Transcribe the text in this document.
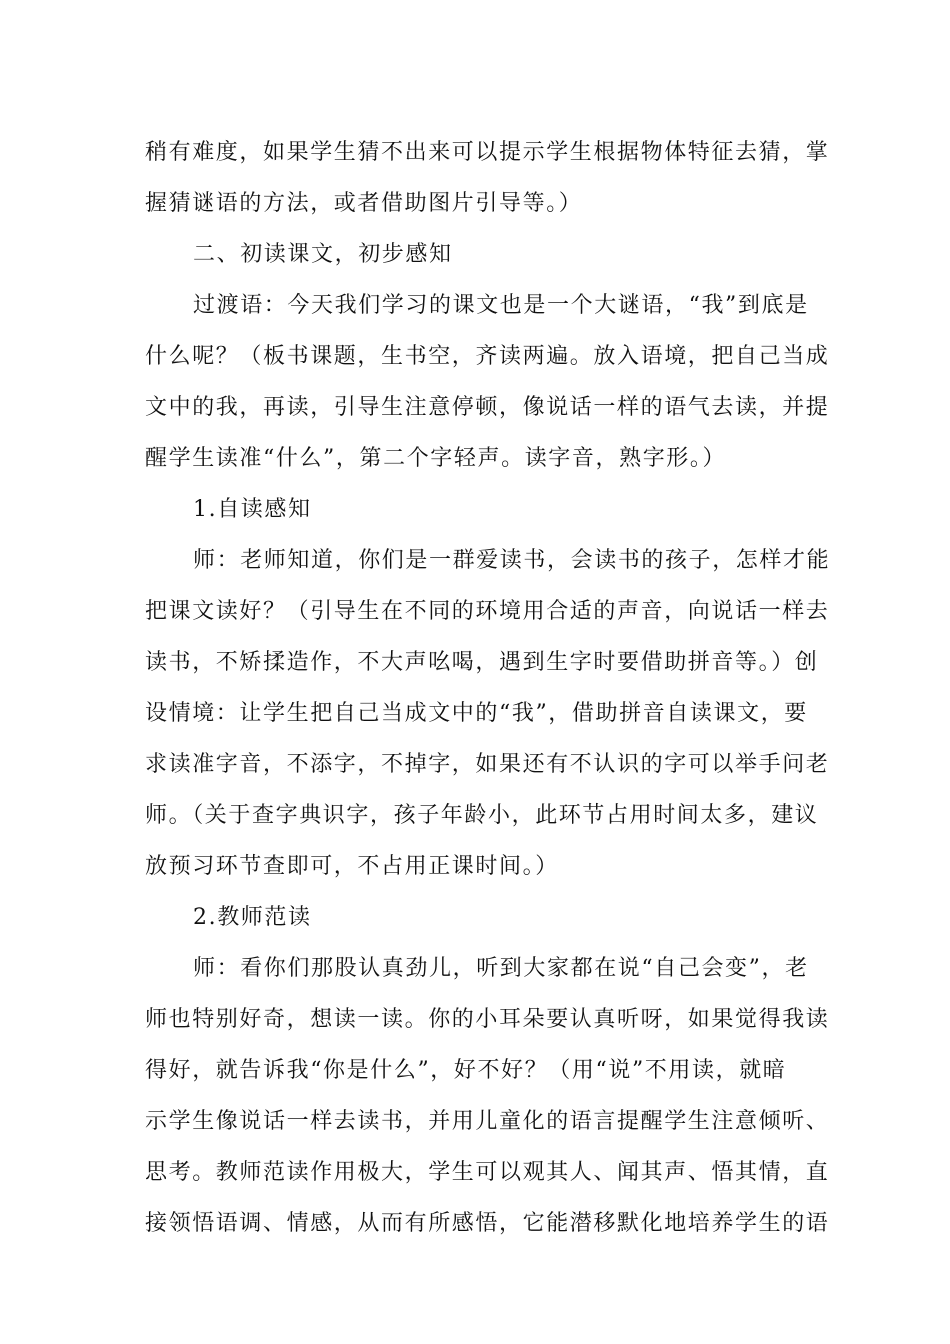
稍有难度，如果学生猜不出来可以提示学生根据物体特征去猜，掌
握猜谜语的方法，或者借助图片引导等。）

二、初读课文，初步感知

过渡语：今天我们学习的课文也是一个大谜语，“我”到底是
什么呢？（板书课题，生书空，齐读两遍。放入语境，把自己当成
文中的我，再读，引导生注意停顿，像说话一样的语气去读，并提
醒学生读准“什么”，第二个字轻声。读字音，熟字形。）

1.自读感知

师：老师知道，你们是一群爱读书，会读书的孩子，怎样才能
把课文读好？（引导生在不同的环境用合适的声音，向说话一样去
读书，不矫揉造作，不大声吆喝，遇到生字时要借助拼音等。）创
设情境：让学生把自己当成文中的“我”，借助拼音自读课文，要
求读准字音，不添字，不掉字，如果还有不认识的字可以举手问老
师。（关于查字典识字，孩子年龄小，此环节占用时间太多，建议
放预习环节查即可，不占用正课时间。）

2.教师范读

师：看你们那股认真劲儿，听到大家都在说“自己会变”，老
师也特别好奇，想读一读。你的小耳朵要认真听呀，如果觉得我读
得好，就告诉我“你是什么”，好不好？（用“说”不用读，就暗
示学生像说话一样去读书，并用儿童化的语言提醒学生注意倾听、
思考。教师范读作用极大，学生可以观其人、闻其声、悟其情，直
接领悟语调、情感，从而有所感悟，它能潜移默化地培养学生的语
